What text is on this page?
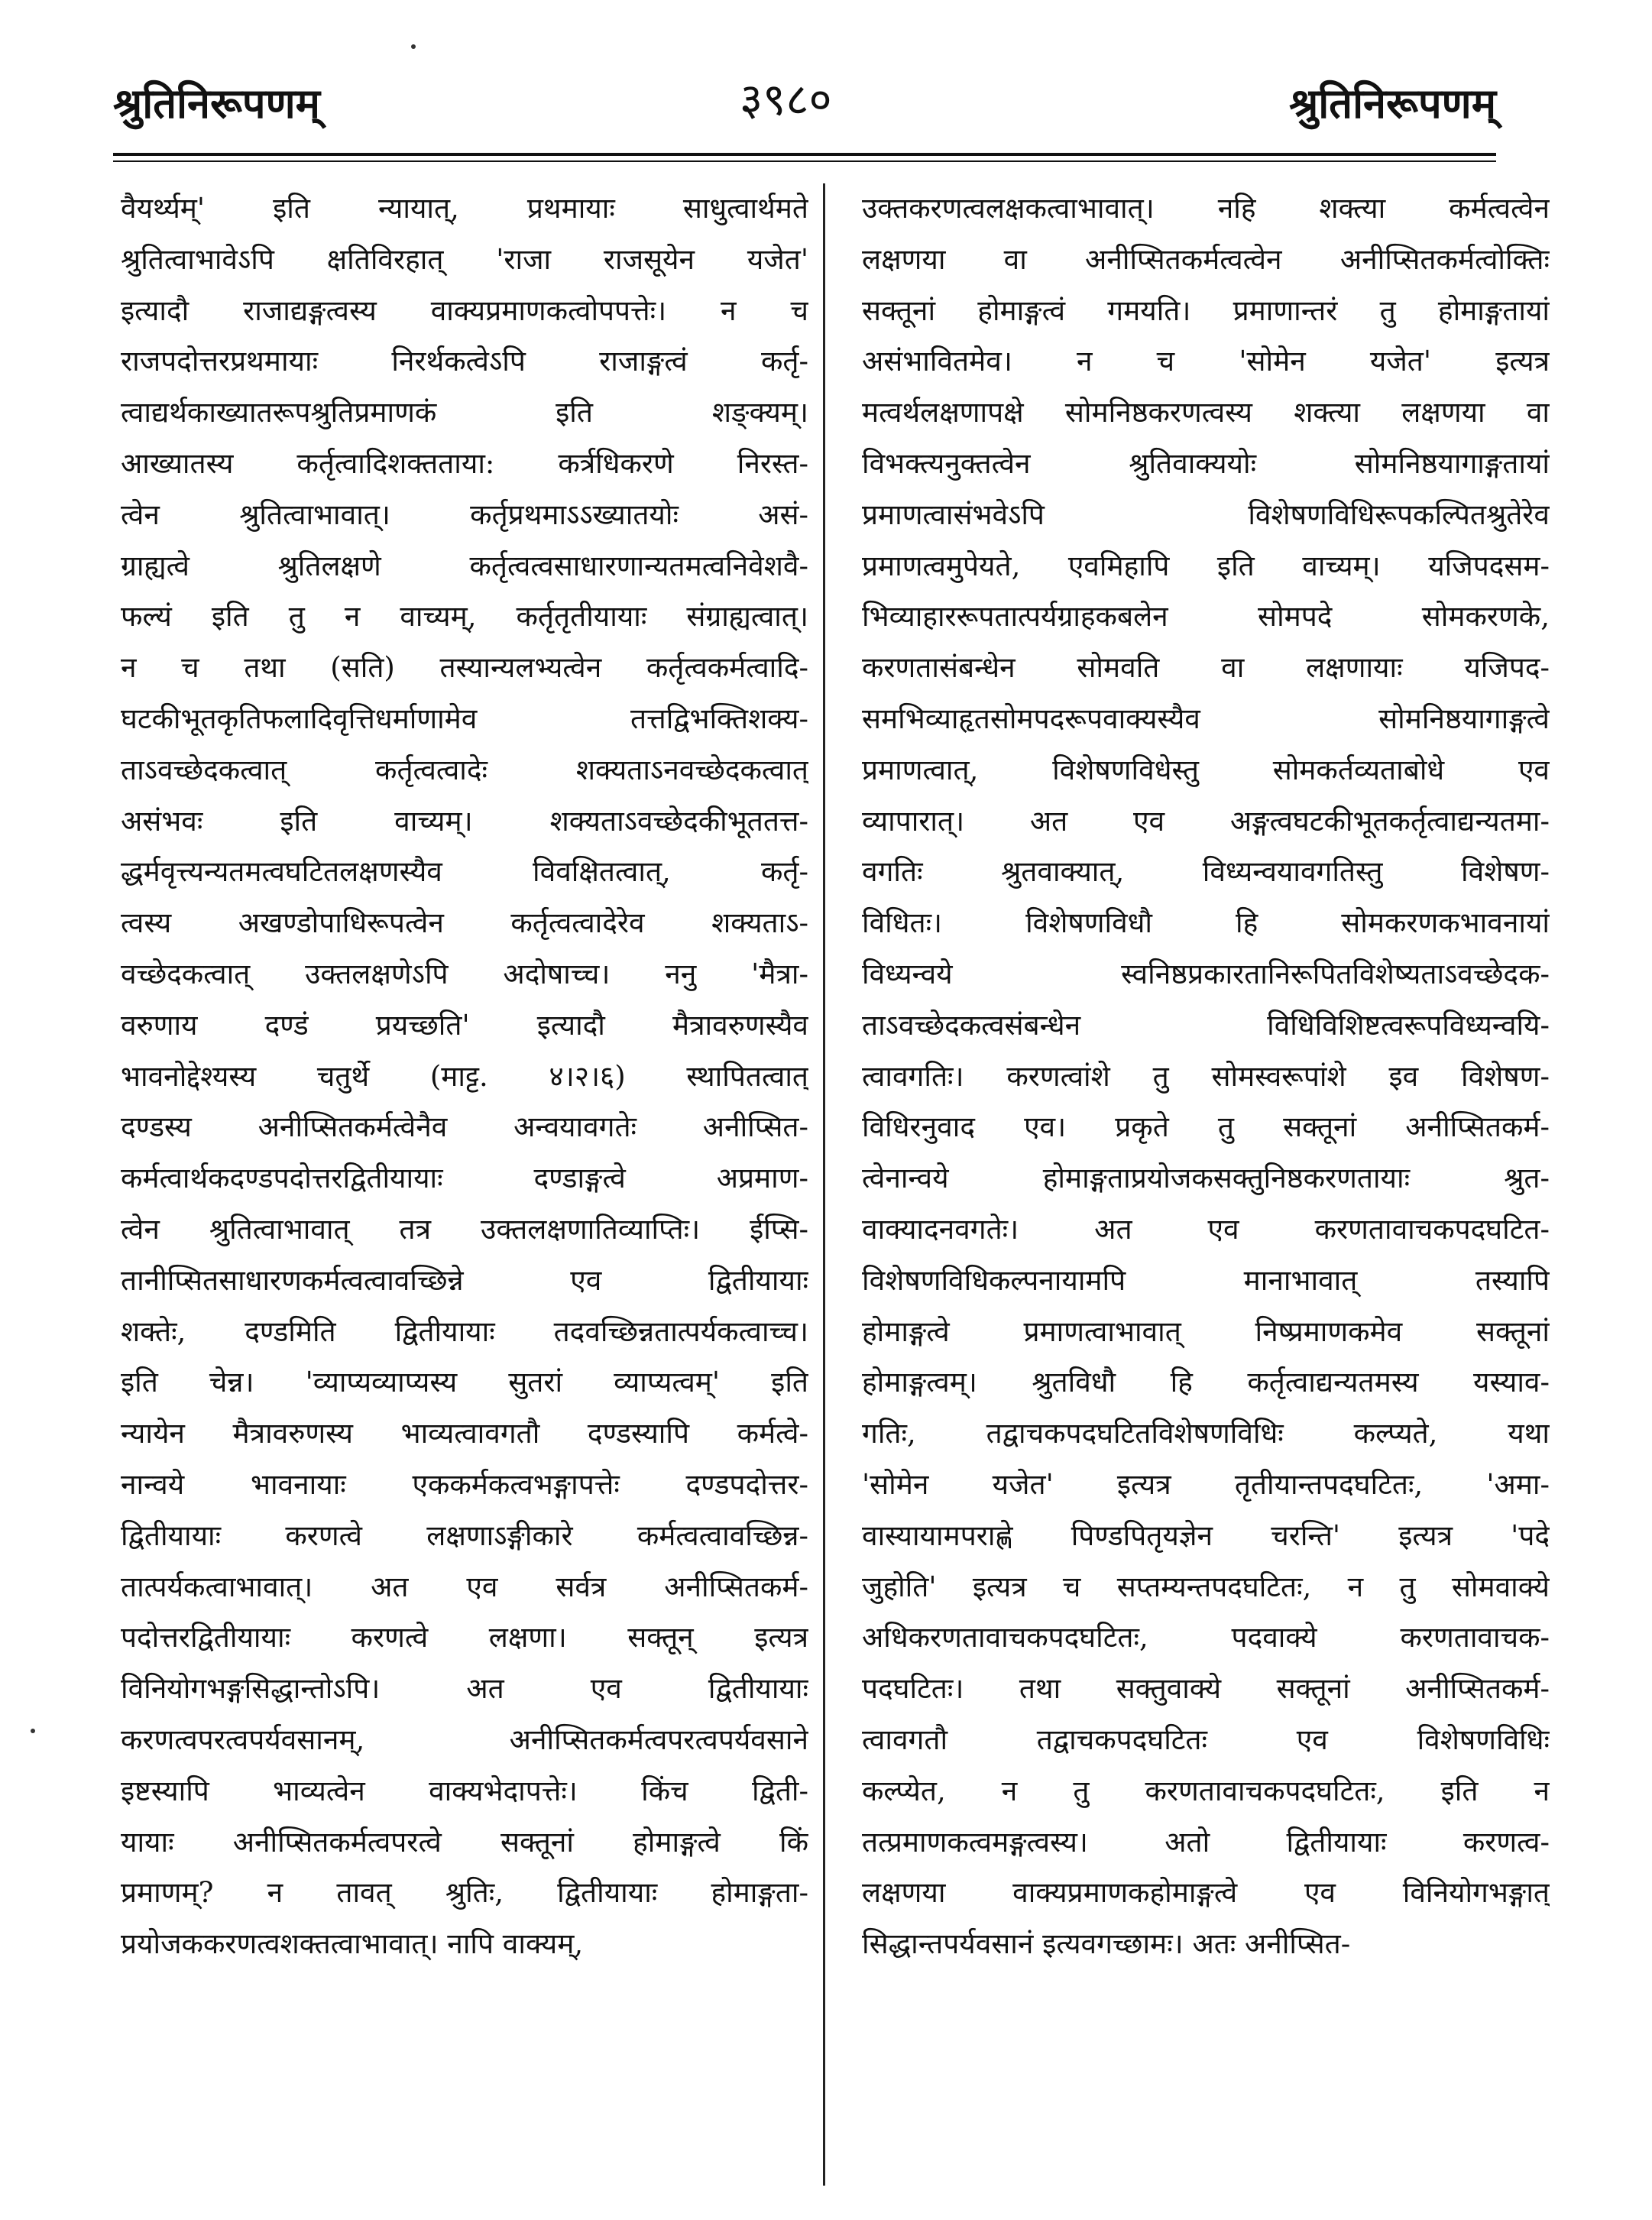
श्रुतिनिरूपणम्	३९८०	श्रुतिनिरूपणम्
वैयर्थ्यम्' इति न्यायात्, प्रथमायाः साधुत्वार्थमते
श्रुतित्वाभावेऽपि क्षतिविरहात् 'राजा राजसूयेन यजेत'
इत्यादौ राजाद्यङ्गत्वस्य वाक्यप्रमाणकत्वोपपत्तेः। न च
राजपदोत्तरप्रथमायाः निरर्थकत्वेऽपि राजाङ्गत्वं कर्तृ-
त्वाद्यर्थकाख्यातरूपश्रुतिप्रमाणकं इति शङ्क्यम्।
आख्यातस्य कर्तृत्वादिशक्तताया: कर्त्रधिकरणे निरस्त-
त्वेन श्रुतित्वाभावात्। कर्तृप्रथमाऽऽख्यातयोः असं-
ग्राह्यत्वे श्रुतिलक्षणे कर्तृत्वत्वसाधारणान्यतमत्वनिवेशवै-
फल्यं इति तु न वाच्यम्, कर्तृतृतीयायाः संग्राह्यत्वात्।
न च तथा (सति) तस्यान्यलभ्यत्वेन कर्तृत्वकर्मत्वादि-
घटकीभूतकृतिफलादिवृत्तिधर्माणामेव तत्तद्विभक्तिशक्य-
ताऽवच्छेदकत्वात् कर्तृत्वत्वादेः शक्यताऽनवच्छेदकत्वात्
असंभवः इति वाच्यम्। शक्यताऽवच्छेदकीभूततत्त-
द्धर्मवृत्त्यन्यतमत्वघटितलक्षणस्यैव विवक्षितत्वात्, कर्तृ-
त्वस्य अखण्डोपाधिरूपत्वेन कर्तृत्वत्वादेरेव शक्यताऽ-
वच्छेदकत्वात् उक्तलक्षणेऽपि अदोषाच्च। ननु 'मैत्रा-
वरुणाय दण्डं प्रयच्छति' इत्यादौ मैत्रावरुणस्यैव
भावनोद्देश्यस्य चतुर्थे (माट्ट. ४।२।६) स्थापितत्वात्
दण्डस्य अनीप्सितकर्मत्वेनैव अन्वयावगतेः अनीप्सित-
कर्मत्वार्थकदण्डपदोत्तरद्वितीयायाः दण्डाङ्गत्वे अप्रमाण-
त्वेन श्रुतित्वाभावात् तत्र उक्तलक्षणातिव्याप्तिः। ईप्सि-
तानीप्सितसाधारणकर्मत्वत्वावच्छिन्ने एव द्वितीयायाः
शक्तेः, दण्डमिति द्वितीयायाः तदवच्छिन्नतात्पर्यकत्वाच्च।
इति चेन्न। 'व्याप्यव्याप्यस्य सुतरां व्याप्यत्वम्' इति
न्यायेन मैत्रावरुणस्य भाव्यत्वावगतौ दण्डस्यापि कर्मत्वे-
नान्वये भावनायाः एककर्मकत्वभङ्गापत्तेः दण्डपदोत्तर-
द्वितीयायाः करणत्वे लक्षणाऽङ्गीकारे कर्मत्वत्वावच्छिन्न-
तात्पर्यकत्वाभावात्। अत एव सर्वत्र अनीप्सितकर्म-
पदोत्तरद्वितीयायाः करणत्वे लक्षणा। सक्तून् इत्यत्र
विनियोगभङ्गसिद्धान्तोऽपि। अत एव द्वितीयायाः
करणत्वपरत्वपर्यवसानम्, अनीप्सितकर्मत्वपरत्वपर्यवसाने
इष्टस्यापि भाव्यत्वेन वाक्यभेदापत्तेः। किंच द्विती-
यायाः अनीप्सितकर्मत्वपरत्वे सक्तूनां होमाङ्गत्वे किं
प्रमाणम्? न तावत् श्रुतिः, द्वितीयायाः होमाङ्गता-
प्रयोजककरणत्वशक्तत्वाभावात्। नापि वाक्यम्,
उक्तकरणत्वलक्षकत्वाभावात्। नहि शक्त्या कर्मत्वत्वेन
लक्षणया वा अनीप्सितकर्मत्वत्वेन अनीप्सितकर्मत्वोक्तिः
सक्तूनां होमाङ्गत्वं गमयति। प्रमाणान्तरं तु होमाङ्गतायां
असंभावितमेव। न च 'सोमेन यजेत' इत्यत्र
मत्वर्थलक्षणापक्षे सोमनिष्ठकरणत्वस्य शक्त्या लक्षणया वा
विभक्त्यनुक्तत्वेन श्रुतिवाक्ययोः सोमनिष्ठयागाङ्गतायां
प्रमाणत्वासंभवेऽपि विशेषणविधिरूपकल्पितश्रुतेरेव
प्रमाणत्वमुपेयते, एवमिहापि इति वाच्यम्। यजिपदसम-
भिव्याहाररूपतात्पर्यग्राहकबलेन सोमपदे सोमकरणके,
करणतासंबन्धेन सोमवति वा लक्षणायाः यजिपद-
समभिव्याहृतसोमपदरूपवाक्यस्यैव सोमनिष्ठयागाङ्गत्वे
प्रमाणत्वात्, विशेषणविधेस्तु सोमकर्तव्यताबोधे एव
व्यापारात्। अत एव अङ्गत्वघटकीभूतकर्तृत्वाद्यन्यतमा-
वगतिः श्रुतवाक्यात्, विध्यन्वयावगतिस्तु विशेषण-
विधितः। विशेषणविधौ हि सोमकरणकभावनायां
विध्यन्वये स्वनिष्ठप्रकारतानिरूपितविशेष्यताऽवच्छेदक-
ताऽवच्छेदकत्वसंबन्धेन विधिविशिष्टत्वरूपविध्यन्वयि-
त्वावगतिः। करणत्वांशे तु सोमस्वरूपांशे इव विशेषण-
विधिरनुवाद एव। प्रकृते तु सक्तूनां अनीप्सितकर्म-
त्वेनान्वये होमाङ्गताप्रयोजकसक्तुनिष्ठकरणतायाः श्रुत-
वाक्यादनवगतेः। अत एव करणतावाचकपदघटित-
विशेषणविधिकल्पनायामपि मानाभावात् तस्यापि
होमाङ्गत्वे प्रमाणत्वाभावात् निष्प्रमाणकमेव सक्तूनां
होमाङ्गत्वम्। श्रुतविधौ हि कर्तृत्वाद्यन्यतमस्य यस्याव-
गतिः, तद्वाचकपदघटितविशेषणविधिः कल्प्यते, यथा
'सोमेन यजेत' इत्यत्र तृतीयान्तपदघटितः, 'अमा-
वास्यायामपराह्णे पिण्डपितृयज्ञेन चरन्ति' इत्यत्र 'पदे
जुहोति' इत्यत्र च सप्तम्यन्तपदघटितः, न तु सोमवाक्ये
अधिकरणतावाचकपदघटितः, पदवाक्ये करणतावाचक-
पदघटितः। तथा सक्तुवाक्ये सक्तूनां अनीप्सितकर्म-
त्वावगतौ तद्वाचकपदघटितः एव विशेषणविधिः
कल्प्येत, न तु करणतावाचकपदघटितः, इति न
तत्प्रमाणकत्वमङ्गत्वस्य। अतो द्वितीयायाः करणत्व-
लक्षणया वाक्यप्रमाणकहोमाङ्गत्वे एव विनियोगभङ्गात्
सिद्धान्तपर्यवसानं इत्यवगच्छामः। अतः अनीप्सित-
